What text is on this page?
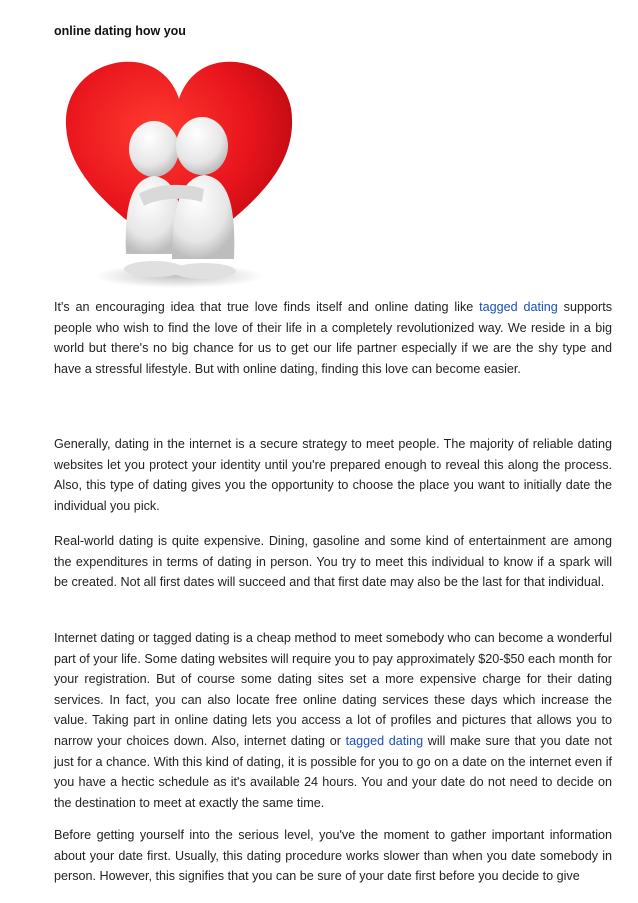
online dating how you

It's an encouraging idea that true love finds itself and online dating like tagged dating supports people who wish to find the love of their life in a completely revolutionized way. We reside in a big world but there's no big chance for us to get our life partner especially if we are the shy type and have a stressful lifestyle. But with online dating, finding this love can become easier.

Generally, dating in the internet is a secure strategy to meet people. The majority of reliable dating websites let you protect your identity until you're prepared enough to reveal this along the process. Also, this type of dating gives you the opportunity to choose the place you want to initially date the individual you pick.

Real-world dating is quite expensive. Dining, gasoline and some kind of entertainment are among the expenditures in terms of dating in person. You try to meet this individual to know if a spark will be created. Not all first dates will succeed and that first date may also be the last for that individual.

Internet dating or tagged dating is a cheap method to meet somebody who can become a wonderful part of your life. Some dating websites will require you to pay approximately $20-$50 each month for your registration. But of course some dating sites set a more expensive charge for their dating services. In fact, you can also locate free online dating services these days which increase the value. Taking part in online dating lets you access a lot of profiles and pictures that allows you to narrow your choices down. Also, internet dating or tagged dating will make sure that you date not just for a chance. With this kind of dating, it is possible for you to go on a date on the internet even if you have a hectic schedule as it's available 24 hours. You and your date do not need to decide on the destination to meet at exactly the same time.

Before getting yourself into the serious level, you've the moment to gather important information about your date first. Usually, this dating procedure works slower than when you date somebody in person. However, this signifies that you can be sure of your date first before you decide to give
